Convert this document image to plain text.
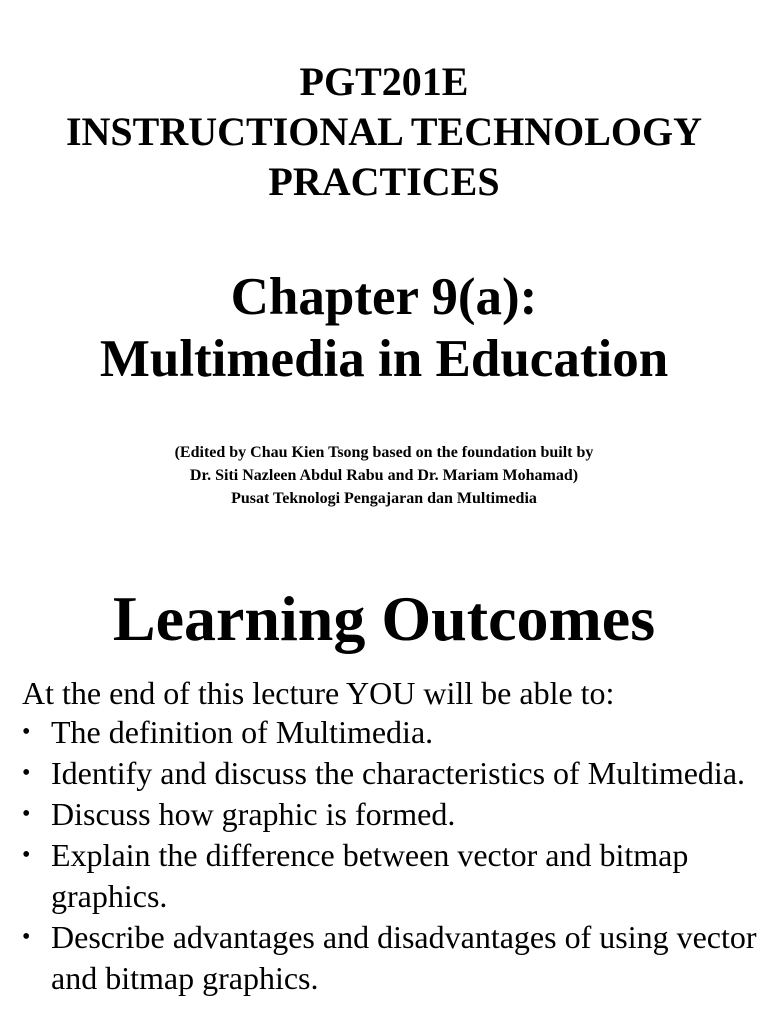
PGT201E
INSTRUCTIONAL TECHNOLOGY
PRACTICES
Chapter 9(a):
Multimedia in Education
(Edited by Chau Kien Tsong based on the foundation built by
Dr. Siti Nazleen Abdul Rabu and Dr. Mariam Mohamad)
Pusat Teknologi Pengajaran dan Multimedia
Learning Outcomes
At the end of this lecture YOU will be able to:
• The definition of Multimedia.
• Identify and discuss the characteristics of Multimedia.
• Discuss how graphic is formed.
• Explain the difference between vector and bitmap graphics.
• Describe advantages and disadvantages of using vector and bitmap graphics.
